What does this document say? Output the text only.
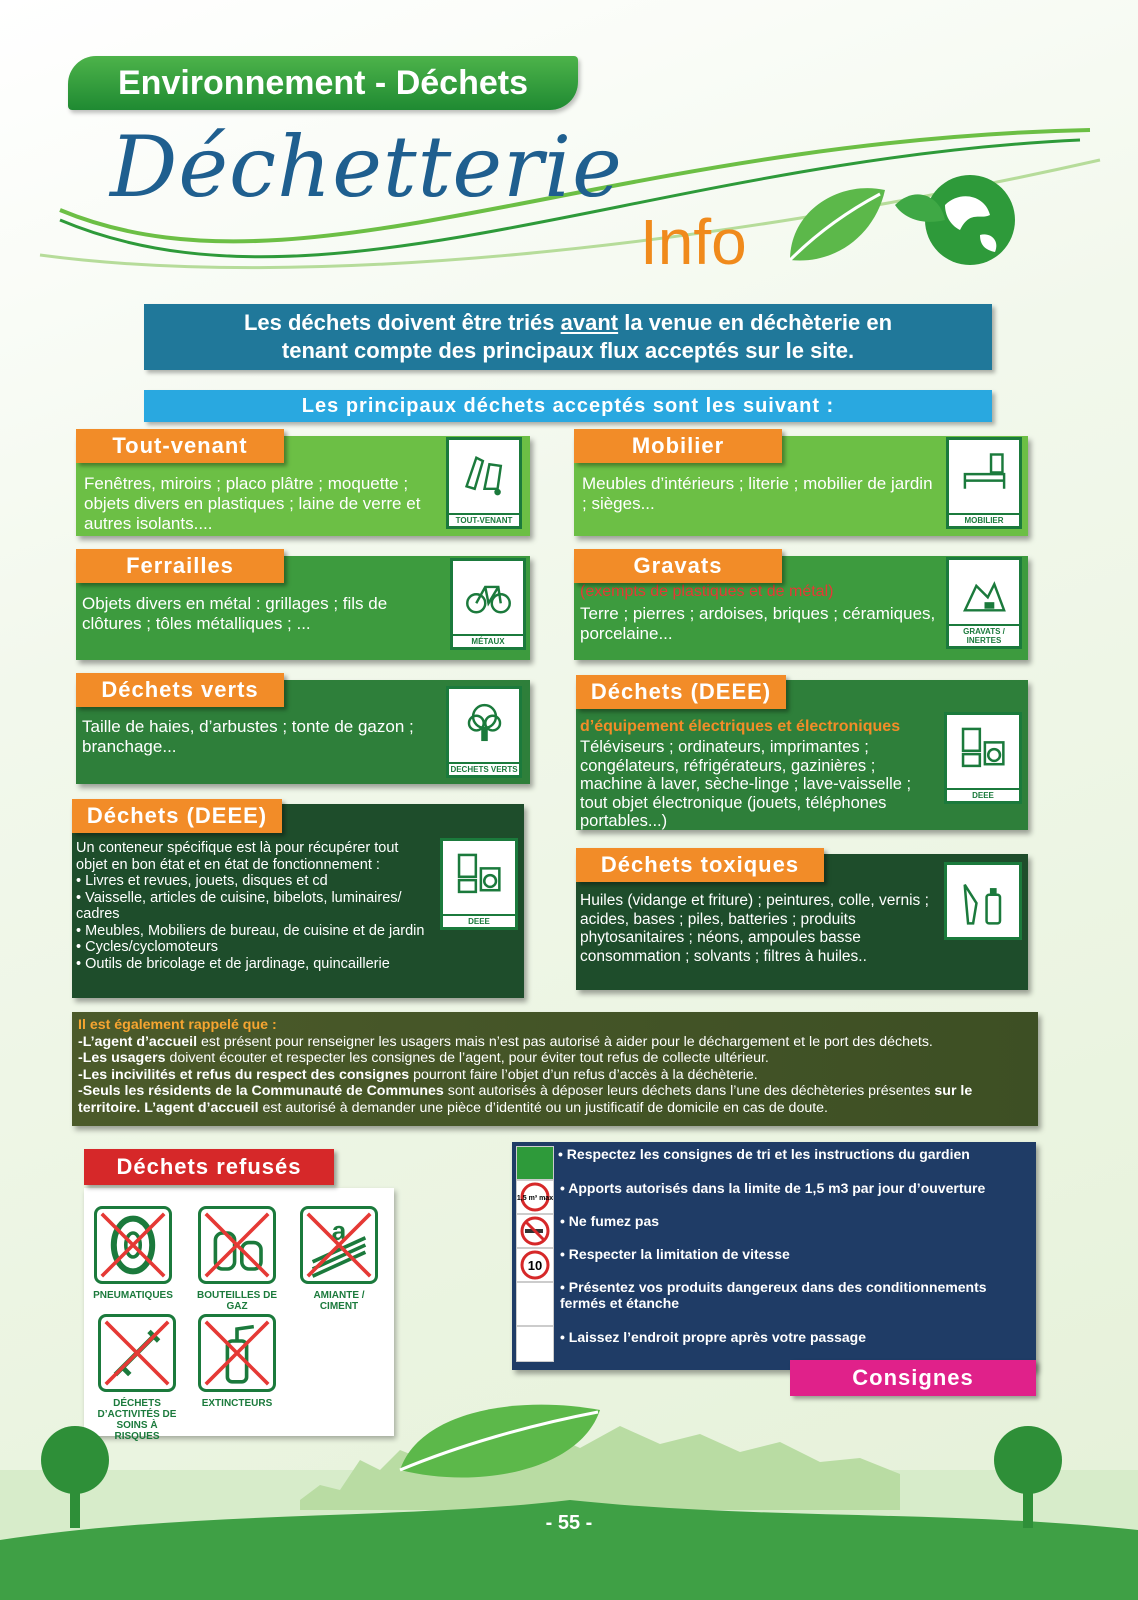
Environnement - Déchets
Déchetterie
Info
Les déchets doivent être triés avant la venue en déchèterie en
tenant compte des principaux flux acceptés sur le site.
Les principaux déchets acceptés sont les suivant :
Tout-venant
Fenêtres, miroirs ; placo plâtre ; moquette ; objets divers en plastiques ; laine de verre et autres isolants....	TOUT-VENANT
Mobilier
Meubles d’intérieurs ; literie ; mobilier de jardin ; sièges...
MOBILIER
Ferrailles
Objets divers en métal : grillages ; fils de clôtures ; tôles métalliques ; ...
MÉTAUX
Gravats
(exempts de plastiques et de métal)
Terre ; pierres ; ardoises, briques ; céramiques, porcelaine...	GRAVATS / INERTES
Déchets verts
Taille de haies, d’arbustes ; tonte de gazon ; branchage...
DECHETS VERTS
Déchets (DEEE)
d’équipement électriques et électroniques
Téléviseurs ; ordinateurs, imprimantes ; congélateurs, réfrigérateurs, gazinières ; machine à laver, sèche-linge ; lave-vaisselle ; tout objet électronique (jouets, téléphones portables...)
DEEE
Déchets (DEEE)
Un conteneur spécifique est là pour récupérer tout objet en bon état et en état de fonctionnement :
• Livres et revues, jouets, disques et cd
• Vaisselle, articles de cuisine, bibelots, luminaires/ cadres
• Meubles, Mobiliers de bureau, de cuisine et de jardin
• Cycles/cyclomoteurs
• Outils de bricolage et de jardinage, quincaillerie
DEEE
Déchets toxiques
Huiles (vidange et friture) ; peintures, colle, vernis ; acides, bases ; piles, batteries ; produits phytosanitaires ; néons, ampoules basse consommation ; solvants ; filtres à huiles..
Il est également rappelé que :
-L’agent d’accueil est présent pour renseigner les usagers mais n’est pas autorisé à aider pour le déchargement et le port des déchets.
-Les usagers doivent écouter et respecter les consignes de l’agent, pour éviter tout refus de collecte ultérieur.
-Les incivilités et refus du respect des consignes pourront faire l’objet d’un refus d’accès à la déchèterie.
-Seuls les résidents de la Communauté de Communes sont autorisés à déposer leurs déchets dans l’une des déchèteries présentes sur le territoire. L’agent d’accueil est autorisé à demander une pièce d’identité ou un justificatif de domicile en cas de doute.
PNEUMATIQUES	BOUTEILLES DE GAZ
a
AMIANTE / CIMENT
DÉCHETS D’ACTIVITÉS DE SOINS À RISQUES
EXTINCTEURS
Déchets refusés
1,5 m³ max
10
• Respectez les consignes de tri et les instructions du gardien
• Apports autorisés dans la limite de 1,5 m3 par jour d’ouverture
• Ne fumez pas
• Respecter la limitation de vitesse
• Présentez vos produits dangereux dans des conditionnements fermés et étanche
• Laissez l’endroit propre après votre passage
Consignes
- 55 -
